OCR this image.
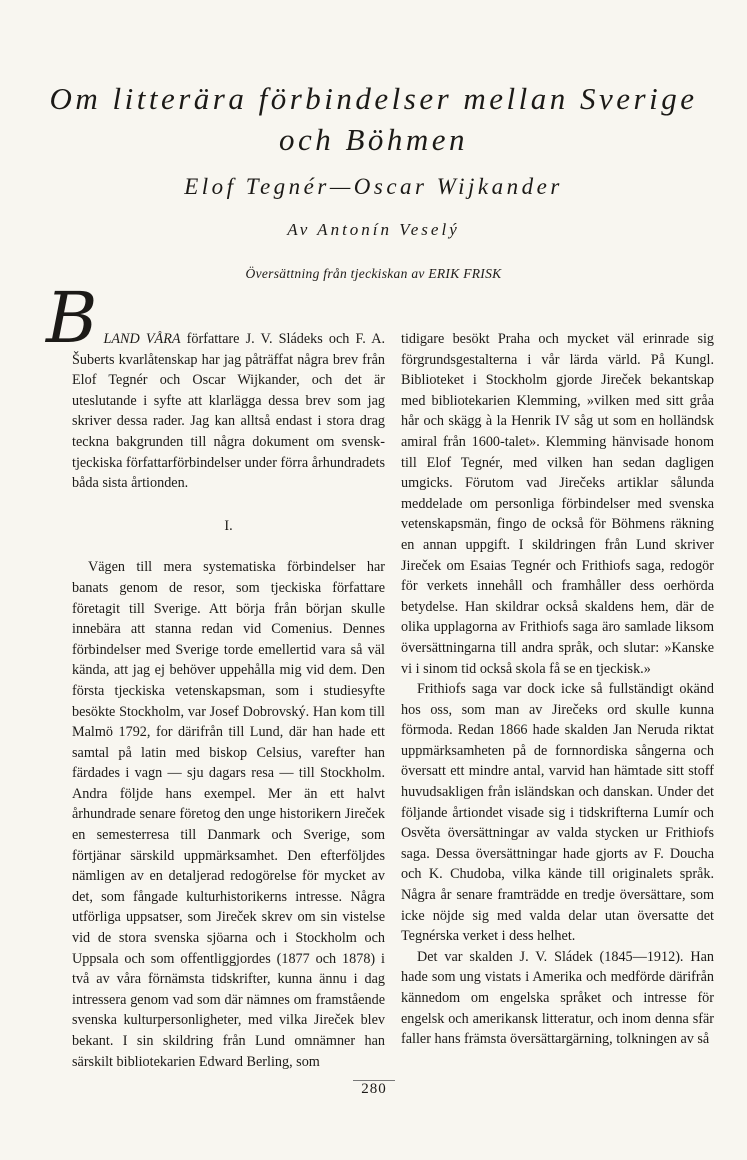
Om litterära förbindelser mellan Sverige
och Böhmen
Elof Tegnér—Oscar Wijkander
Av Antonín Veselý
Översättning från tjeckiskan av ERIK FRISK

BLAND VÅRA författare J. V. Sládeks och F. A. Šuberts kvarlåtenskap har jag påträffat några brev från Elof Tegnér och Oscar Wijkander, och det är uteslutande i syfte att klarlägga dessa brev som jag skriver dessa rader. Jag kan alltså endast i stora drag teckna bakgrunden till några dokument om svensk-tjeckiska författarförbindelser under förra århundradets båda sista årtionden.

I.

Vägen till mera systematiska förbindelser har banats genom de resor, som tjeckiska författare företagit till Sverige. Att börja från början skulle innebära att stanna redan vid Comenius. Dennes förbindelser med Sverige torde emellertid vara så väl kända, att jag ej behöver uppehålla mig vid dem. Den första tjeckiska vetenskapsman, som i studiesyfte besökte Stockholm, var Josef Dobrovský. Han kom till Malmö 1792, for därifrån till Lund, där han hade ett samtal på latin med biskop Celsius, varefter han färdades i vagn — sju dagars resa — till Stockholm. Andra följde hans exempel. Mer än ett halvt århundrade senare företog den unge historikern Jireček en semesterresa till Danmark och Sverige, som förtjänar särskild uppmärksamhet. Den efterföljdes nämligen av en detaljerad redogörelse för mycket av det, som fångade kulturhistorikerns intresse. Några utförliga uppsatser, som Jireček skrev om sin vistelse vid de stora svenska sjöarna och i Stockholm och Uppsala och som offentliggjordes (1877 och 1878) i två av våra förnämsta tidskrifter, kunna ännu i dag intressera genom vad som där nämnes om framstående svenska kulturpersonligheter, med vilka Jireček blev bekant. I sin skildring från Lund omnämner han särskilt bibliotekarien Edward Berling, som

tidigare besökt Praha och mycket väl erinrade sig förgrundsgestalterna i vår lärda värld. På Kungl. Biblioteket i Stockholm gjorde Jireček bekantskap med bibliotekarien Klemming, »vilken med sitt gråa hår och skägg à la Henrik IV såg ut som en holländsk amiral från 1600-talet». Klemming hänvisade honom till Elof Tegnér, med vilken han sedan dagligen umgicks. Förutom vad Jirečeks artiklar sålunda meddelade om personliga förbindelser med svenska vetenskapsmän, fingo de också för Böhmens räkning en annan uppgift. I skildringen från Lund skriver Jireček om Esaias Tegnér och Frithiofs saga, redogör för verkets innehåll och framhåller dess oerhörda betydelse. Han skildrar också skaldens hem, där de olika upplagorna av Frithiofs saga äro samlade liksom översättningarna till andra språk, och slutar: »Kanske vi i sinom tid också skola få se en tjeckisk.»

Frithiofs saga var dock icke så fullständigt okänd hos oss, som man av Jirečeks ord skulle kunna förmoda. Redan 1866 hade skalden Jan Neruda riktat uppmärksamheten på de fornnordiska sångerna och översatt ett mindre antal, varvid han hämtade sitt stoff huvudsakligen från isländskan och danskan. Under det följande årtiondet visade sig i tidskrifterna Lumír och Osvěta översättningar av valda stycken ur Frithiofs saga. Dessa översättningar hade gjorts av F. Doucha och K. Chudoba, vilka kände till originalets språk. Några år senare framträdde en tredje översättare, som icke nöjde sig med valda delar utan översatte det Tegnérska verket i dess helhet.

Det var skalden J. V. Sládek (1845—1912). Han hade som ung vistats i Amerika och medförde därifrån kännedom om engelska språket och intresse för engelsk och amerikansk litteratur, och inom denna sfär faller hans främsta översättargärning, tolkningen av så

280
